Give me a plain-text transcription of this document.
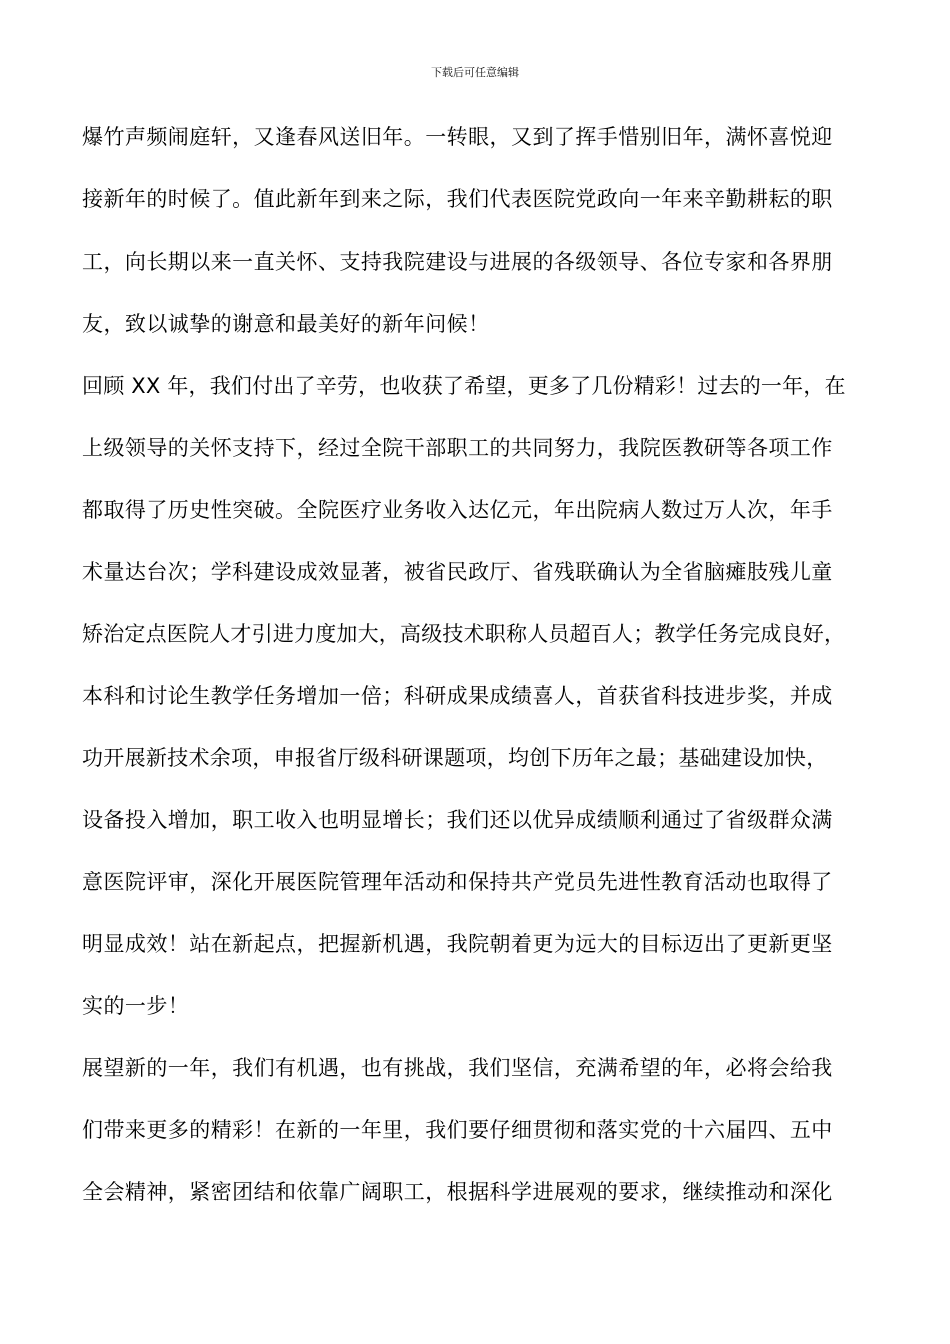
下载后可任意编辑
爆竹声频闹庭轩，又逢春风送旧年。一转眼，又到了挥手惜别旧年，满怀喜悦迎
接新年的时候了。值此新年到来之际，我们代表医院党政向一年来辛勤耕耘的职
工，向长期以来一直关怀、支持我院建设与进展的各级领导、各位专家和各界朋
友，致以诚挚的谢意和最美好的新年问候！
回顾 XX 年，我们付出了辛劳，也收获了希望，更多了几份精彩！过去的一年，在
上级领导的关怀支持下，经过全院干部职工的共同努力，我院医教研等各项工作
都取得了历史性突破。全院医疗业务收入达亿元，年出院病人数过万人次，年手
术量达台次；学科建设成效显著，被省民政厅、省残联确认为全省脑瘫肢残儿童
矫治定点医院人才引进力度加大，高级技术职称人员超百人；教学任务完成良好，
本科和讨论生教学任务增加一倍；科研成果成绩喜人，首获省科技进步奖，并成
功开展新技术余项，申报省厅级科研课题项，均创下历年之最；基础建设加快，
设备投入增加，职工收入也明显增长；我们还以优异成绩顺利通过了省级群众满
意医院评审，深化开展医院管理年活动和保持共产党员先进性教育活动也取得了
明显成效！站在新起点，把握新机遇，我院朝着更为远大的目标迈出了更新更坚
实的一步！
展望新的一年，我们有机遇，也有挑战，我们坚信，充满希望的年，必将会给我
们带来更多的精彩！在新的一年里，我们要仔细贯彻和落实党的十六届四、五中
全会精神，紧密团结和依靠广阔职工，根据科学进展观的要求，继续推动和深化
